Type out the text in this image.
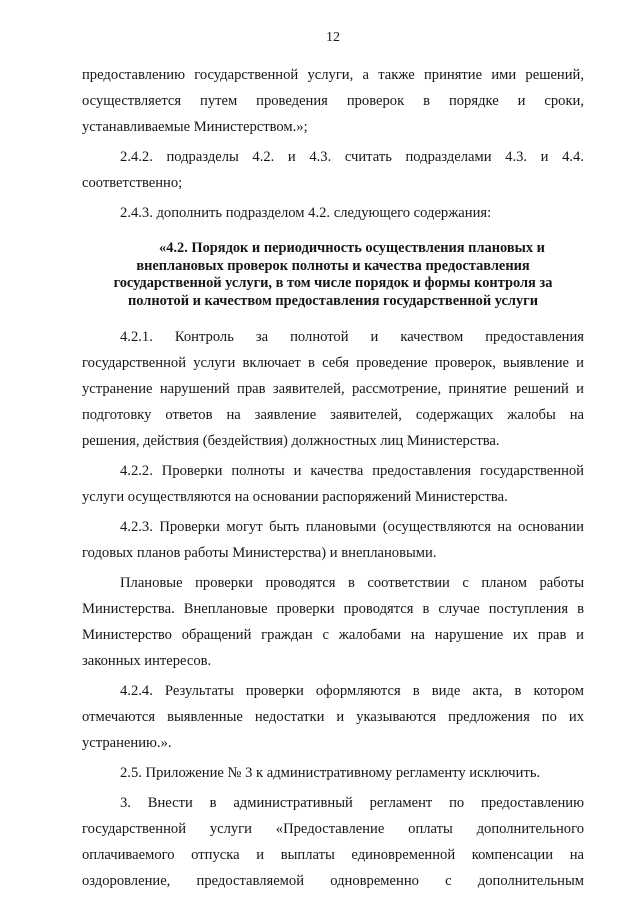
12

предоставлению государственной услуги, а также принятие ими решений,

осуществляется путем проведения проверок в порядке и сроки,

устанавливаемые Министерством.»;

2.4.2. подразделы 4.2. и 4.3. считать подразделами 4.3. и 4.4.

соответственно;

2.4.3. дополнить подразделом 4.2. следующего содержания:

«4.2. Порядок и периодичность осуществления плановых и
внеплановых проверок полноты и качества предоставления
государственной услуги, в том числе порядок и формы контроля за
полнотой и качеством предоставления государственной услуги

4.2.1. Контроль за полнотой и качеством предоставления

государственной услуги включает в себя проведение проверок, выявление и

устранение нарушений прав заявителей, рассмотрение, принятие решений и

подготовку ответов на заявление заявителей, содержащих жалобы на

решения, действия (бездействия) должностных лиц Министерства.

4.2.2. Проверки полноты и качества предоставления государственной

услуги осуществляются на основании распоряжений Министерства.

4.2.3. Проверки могут быть плановыми (осуществляются на основании

годовых планов работы Министерства) и внеплановыми.

Плановые проверки проводятся в соответствии с планом работы

Министерства. Внеплановые проверки проводятся в случае поступления в

Министерство обращений граждан с жалобами на нарушение их прав и

законных интересов.

4.2.4. Результаты проверки оформляются в виде акта, в котором

отмечаются выявленные недостатки и указываются предложения по их

устранению.».

2.5. Приложение № 3 к административному регламенту исключить.

3. Внести в административный регламент по предоставлению

государственной услуги «Предоставление оплаты дополнительного

оплачиваемого отпуска и выплаты единовременной компенсации на

оздоровление, предоставляемой одновременно с дополнительным
